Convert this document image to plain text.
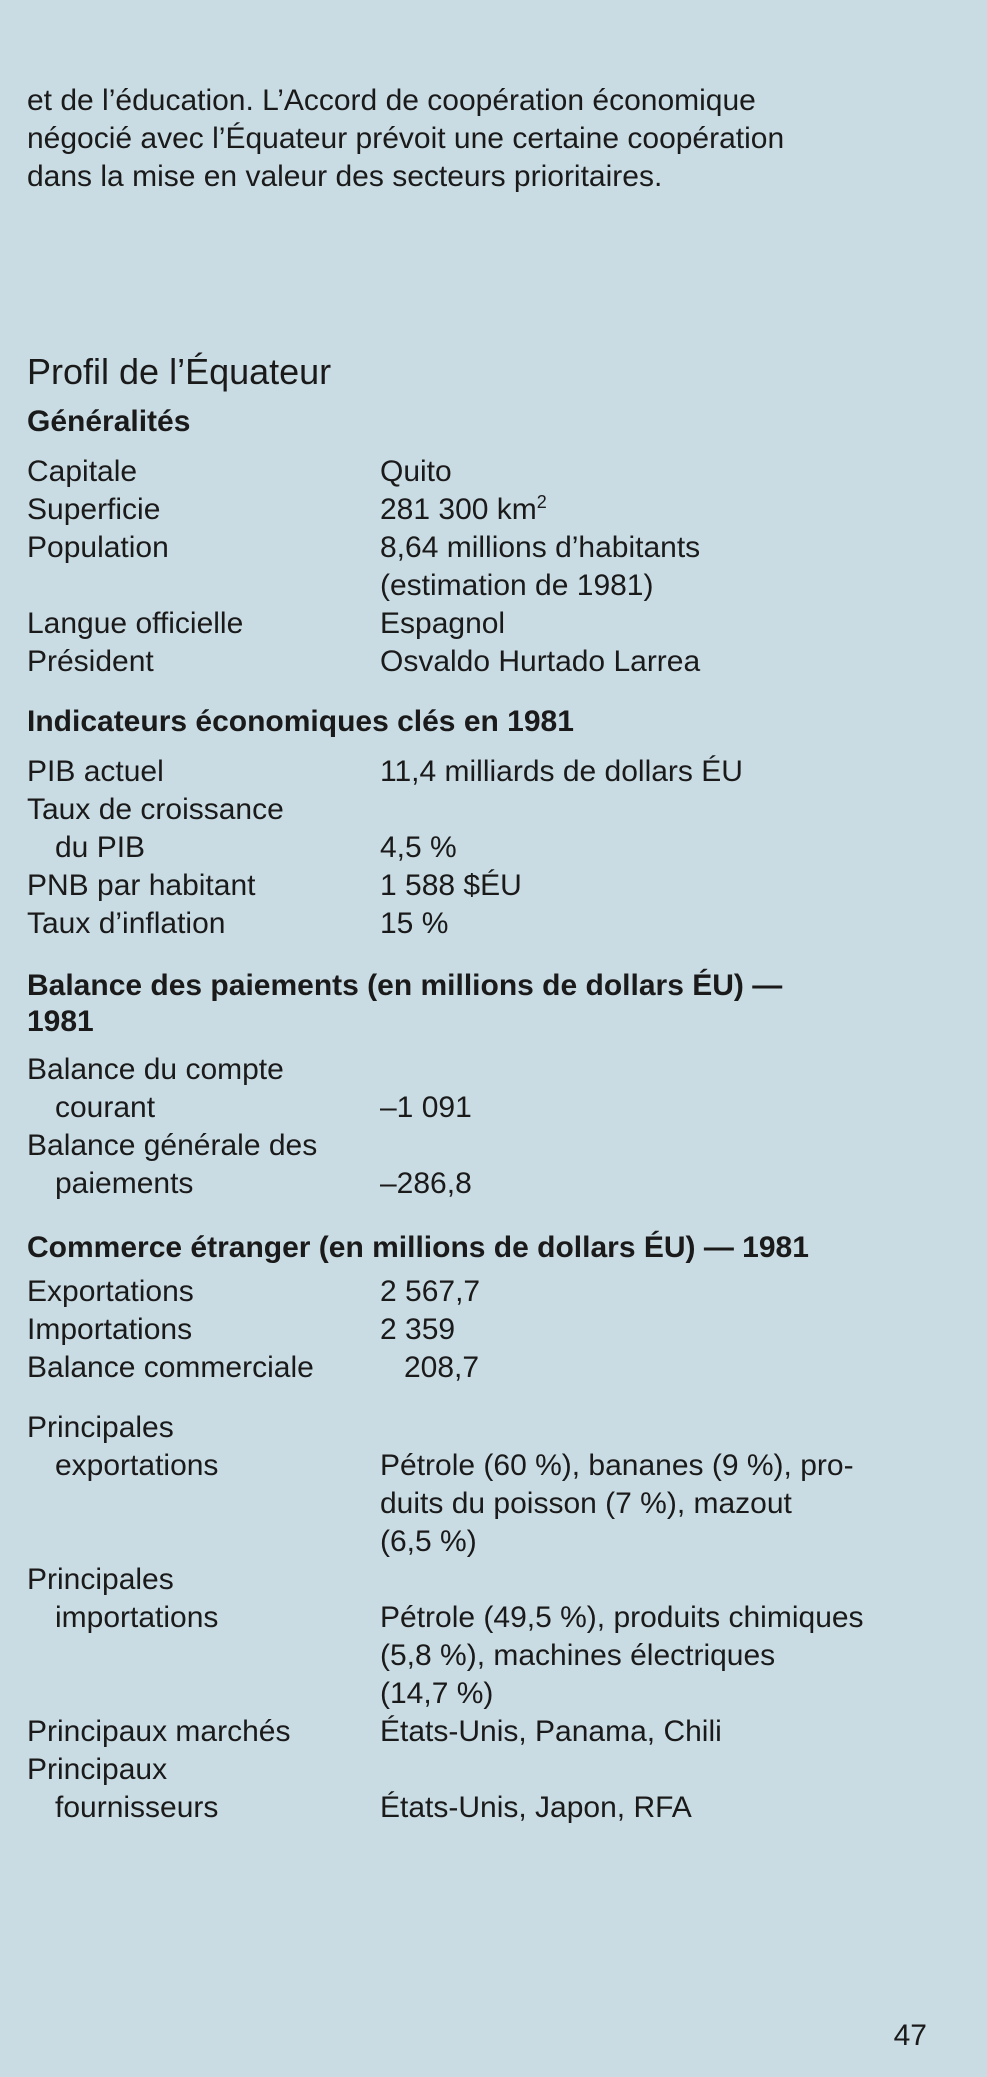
et de l’éducation. L’Accord de coopération économique

négocié avec l’Équateur prévoit une certaine coopération

dans la mise en valeur des secteurs prioritaires.

Profil de l’Équateur
Généralités
Capitale	Quito
Superficie	281 300 $km^2$
Population	8,64 millions d’habitants
(estimation de 1981)
Langue officielle	Espagnol
Président	Osvaldo Hurtado Larrea
Indicateurs économiques clés en 1981
PIB actuel	11,4 milliards de dollars ÉU
Taux de croissance
du PIB	4,5 %
PNB par habitant	1 588 $ÉU
Taux d’inflation	15 %
Balance des paiements (en millions de dollars ÉU) —
1981
Balance du compte
courant	–1 091
Balance générale des
paiements	–286,8
Commerce étranger (en millions de dollars ÉU) — 1981
Exportations	2 567,7
Importations	2 359
Balance commerciale	208,7
Principales
exportations	Pétrole (60 %), bananes (9 %), pro-
duits du poisson (7 %), mazout
(6,5 %)
Principales
importations	Pétrole (49,5 %), produits chimiques
(5,8 %), machines électriques
(14,7 %)
Principaux marchés	États-Unis, Panama, Chili
Principaux
fournisseurs	États-Unis, Japon, RFA
47
